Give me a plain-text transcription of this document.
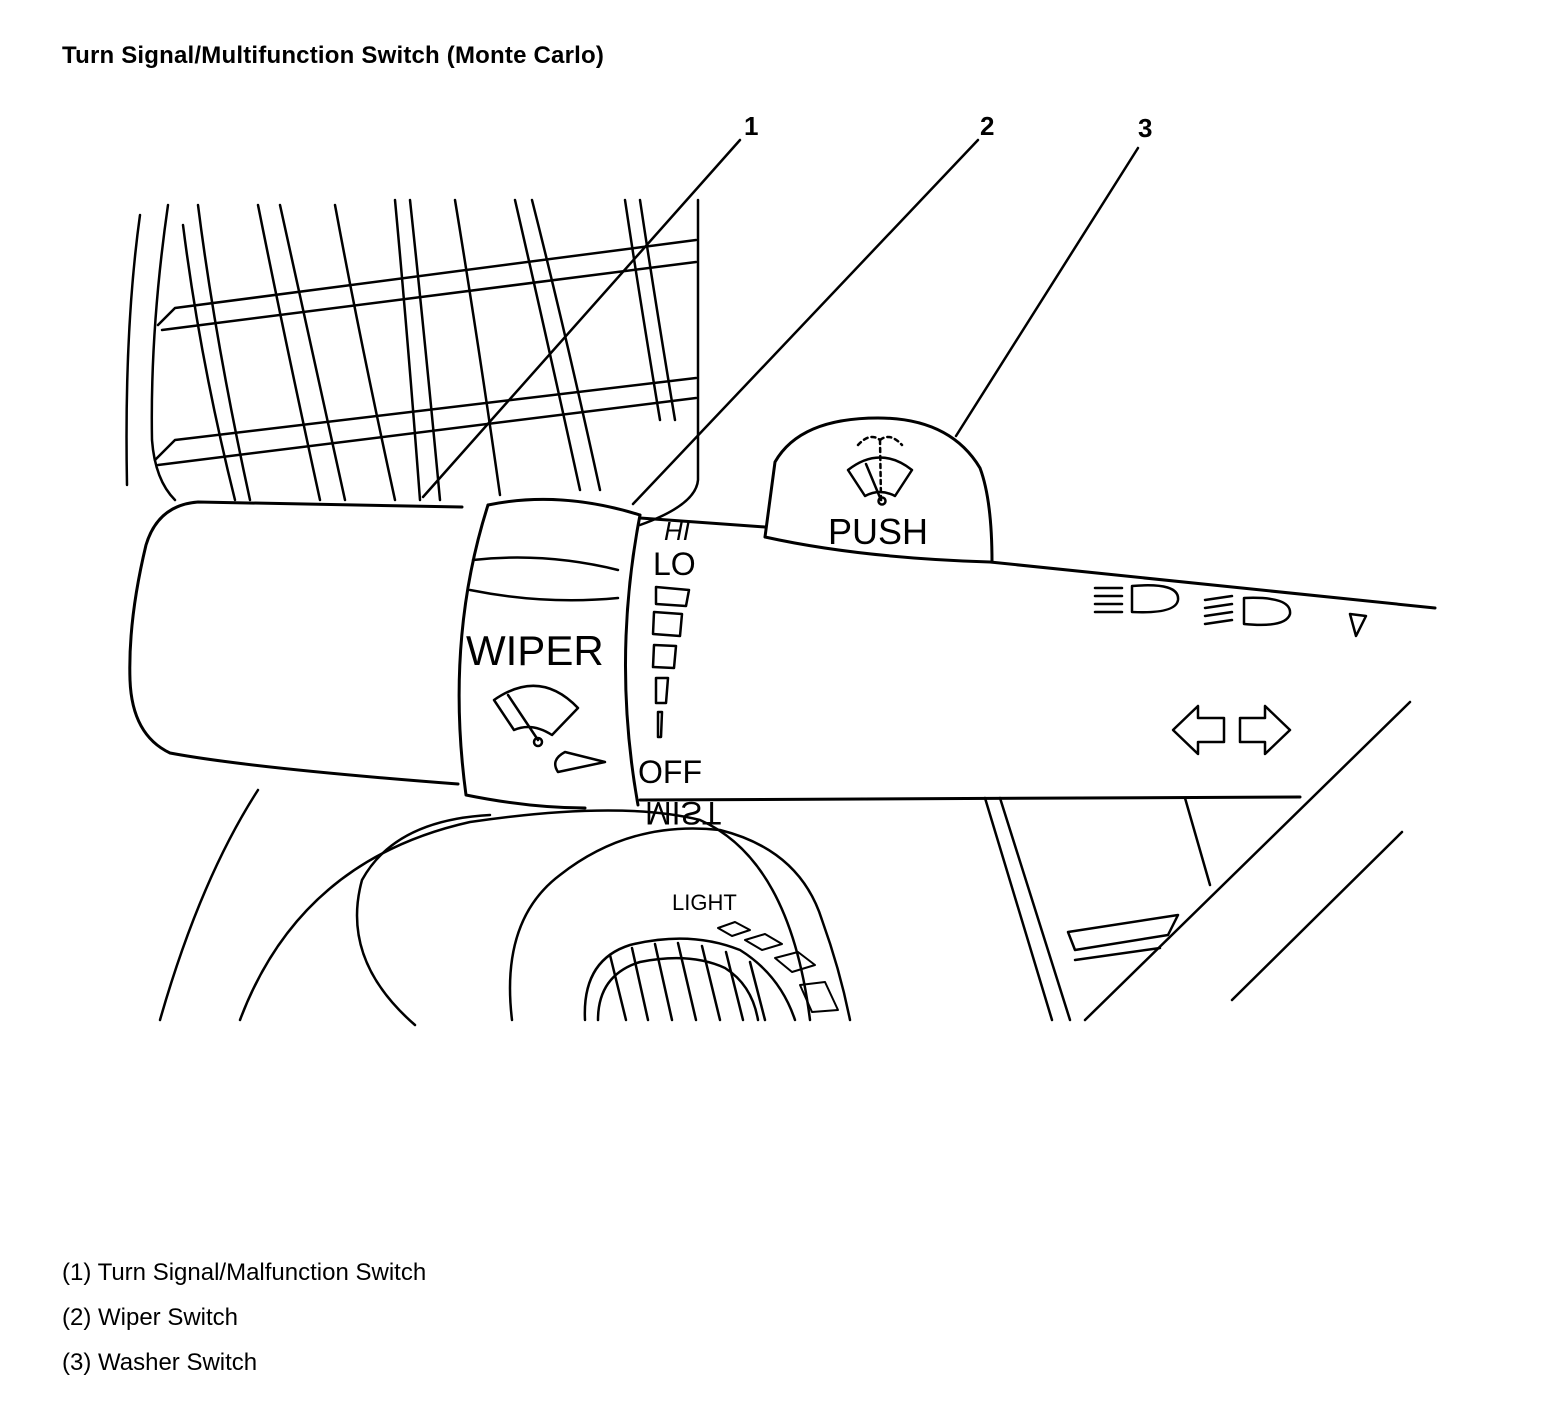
Turn Signal/Multifunction Switch (Monte Carlo)
LIGHT
PUSH
WIPER
HI
LO
OFF
MIST
1	2	3
(1) Turn Signal/Malfunction Switch
(2) Wiper Switch
(3) Washer Switch
